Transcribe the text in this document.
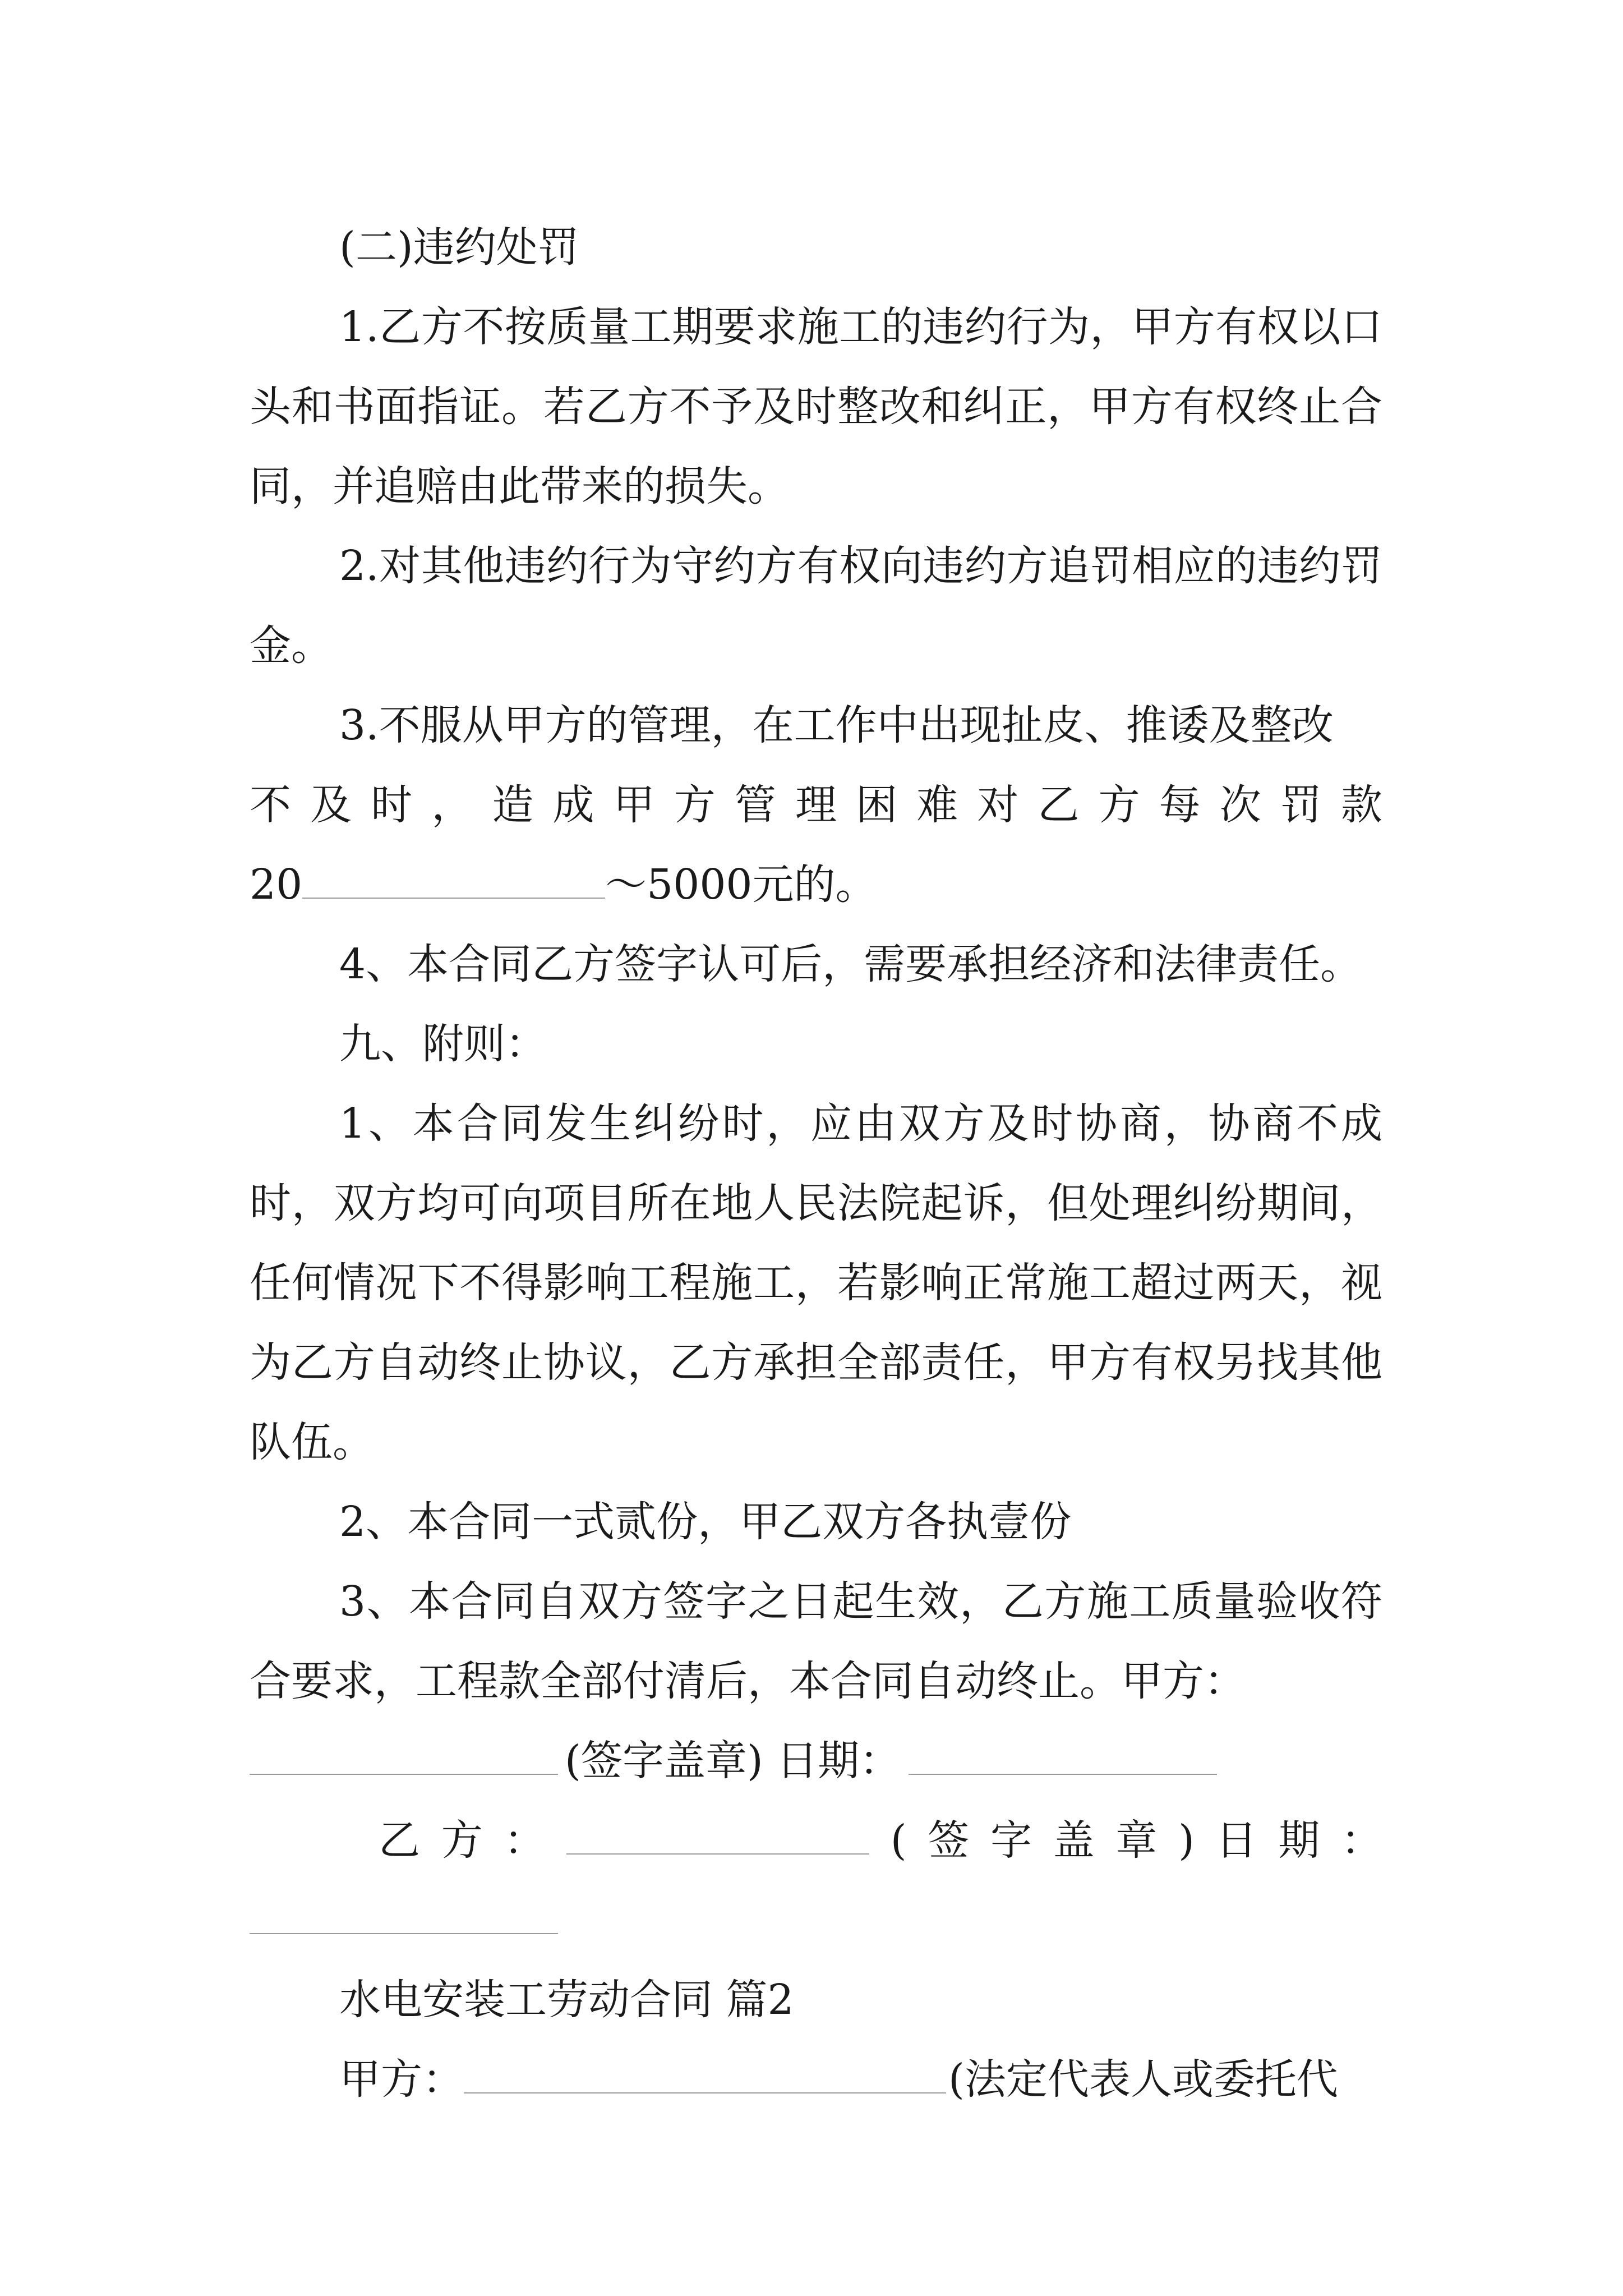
(二)违约处罚

1.乙方不按质量工期要求施工的违约行为，甲方有权以口头和书面指证。若乙方不予及时整改和纠正，甲方有权终止合同，并追赔由此带来的损失。

2.对其他违约行为守约方有权向违约方追罚相应的违约罚金。

3.不服从甲方的管理，在工作中出现扯皮、推诿及整改

不 及 时 ， 造 成 甲 方 管 理 困 难 对 乙 方 每 次 罚 款
20	～5000元的。

4、本合同乙方签字认可后，需要承担经济和法律责任。

九、附则：

1、本合同发生纠纷时，应由双方及时协商，协商不成时，双方均可向项目所在地人民法院起诉，但处理纠纷期间，任何情况下不得影响工程施工，若影响正常施工超过两天，视为乙方自动终止协议，乙方承担全部责任，甲方有权另找其他队伍。

2、本合同一式贰份，甲乙双方各执壹份

3、本合同自双方签字之日起生效，乙方施工质量验收符合要求，工程款全部付清后，本合同自动终止。甲方：

(签字盖章) 日期：
乙 方 ：	( 签 字 盖 章 ) 日 期 ：

水电安装工劳动合同 篇2

甲方：	(法定代表人或委托代
